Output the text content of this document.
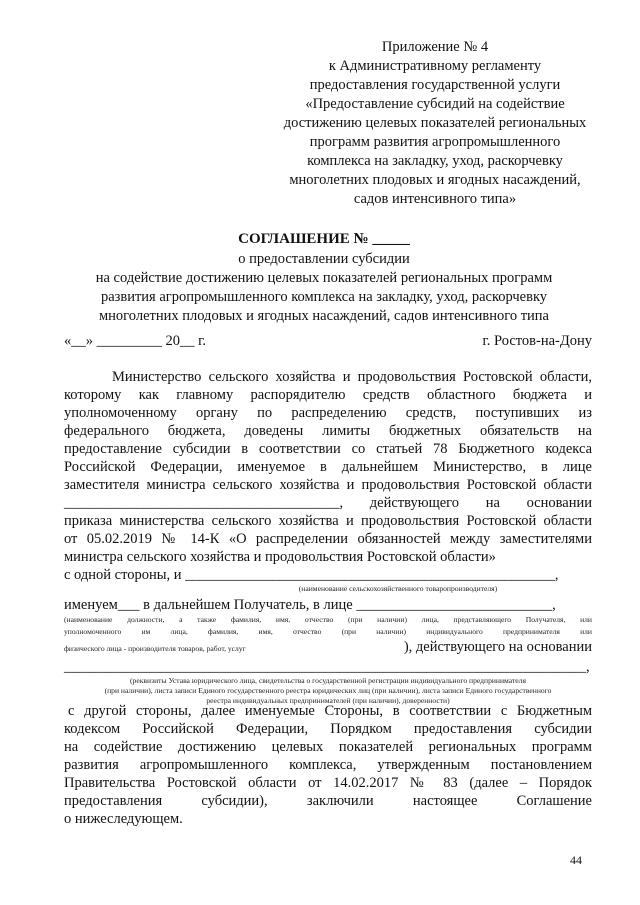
Приложение № 4
к Административному регламенту
предоставления государственной услуги
«Предоставление субсидий на содействие
достижению целевых показателей региональных
программ развития агропромышленного
комплекса на закладку, уход, раскорчевку
многолетних плодовых и ягодных насаждений,
садов интенсивного типа»
СОГЛАШЕНИЕ № _____
о предоставлении субсидии
на содействие достижению целевых показателей региональных программ
развития агропромышленного комплекса на закладку, уход, раскорчевку
многолетних плодовых и ягодных насаждений, садов интенсивного типа
«__» _________ 20__ г.	г. Ростов-на-Дону
Министерство сельского хозяйства и продовольствия Ростовской области,
которому как главному распорядителю средств областного бюджета и
уполномоченному органу по распределению средств, поступивших из
федерального бюджета, доведены лимиты бюджетных обязательств на
предоставление субсидии в соответствии со статьей 78 Бюджетного кодекса
Российской Федерации, именуемое в дальнейшем Министерство, в лице
заместителя министра сельского хозяйства и продовольствия Ростовской области
______________________________________, действующего на основании
приказа министерства сельского хозяйства и продовольствия Ростовской области
от 05.02.2019 № 14-К «О распределении обязанностей между заместителями
министра сельского хозяйства и продовольствия Ростовской области»
с одной стороны, и ___________________________________________________,
(наименование сельскохозяйственного товаропроизводителя)
именуем___ в дальнейшем Получатель, в лице ___________________________,
(наименование должности, а также фамилия, имя, отчество (при наличии) лица, представляющего Получателя, или
уполномоченного им лица, фамилия, имя, отчество (при наличии) индивидуального предпринимателя или
физического лица - производителя товаров, работ, услуг	), действующего на основании
________________________________________________________________________,
(реквизиты Устава юридического лица, свидетельства о государственной регистрации индивидуального предпринимателя
(при наличии), листа записи Единого государственного реестра юридических лиц (при наличии), листа записи Единого государственного
реестра индивидуальных предпринимателей (при наличии), доверенности)
с другой стороны, далее именуемые Стороны, в соответствии с Бюджетным
кодексом Российской Федерации, Порядком предоставления субсидии
на содействие достижению целевых показателей региональных программ
развития агропромышленного комплекса, утвержденным постановлением
Правительства Ростовской области от 14.02.2017 № 83 (далее – Порядок
предоставления субсидии), заключили настоящее Соглашение
о нижеследующем.
44
